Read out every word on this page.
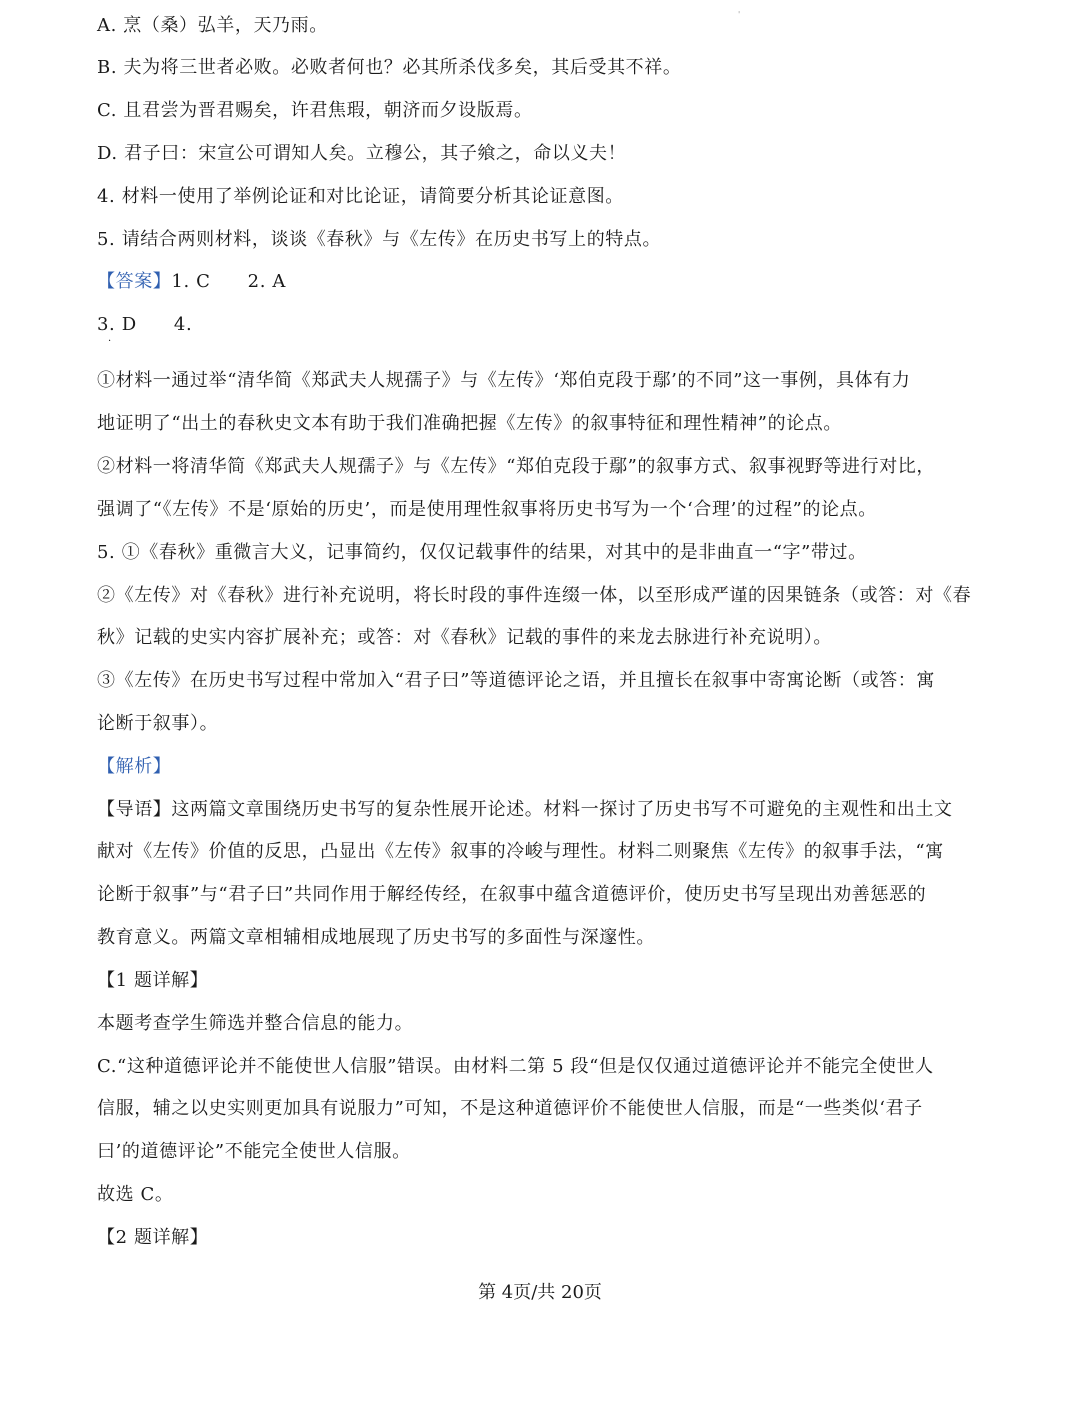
'
A. 烹（桑）弘羊，天乃雨。
B. 夫为将三世者必败。必败者何也？必其所杀伐多矣，其后受其不祥。
C. 且君尝为晋君赐矣，许君焦瑕，朝济而夕设版焉。
D. 君子曰：宋宣公可谓知人矣。立穆公，其子飨之，命以义夫！
4. 材料一使用了举例论证和对比论证，请简要分析其论证意图。
5. 请结合两则材料，谈谈《春秋》与《左传》在历史书写上的特点。
【答案】1. C　　2. A
3. D　　4.
·
①材料一通过举“清华简《郑武夫人规孺子》与《左传》‘郑伯克段于鄢’的不同”这一事例，具体有力
地证明了“出土的春秋史文本有助于我们准确把握《左传》的叙事特征和理性精神”的论点。
②材料一将清华简《郑武夫人规孺子》与《左传》“郑伯克段于鄢”的叙事方式、叙事视野等进行对比，
强调了“《左传》不是‘原始的历史’，而是使用理性叙事将历史书写为一个‘合理’的过程”的论点。
5. ①《春秋》重微言大义，记事简约，仅仅记载事件的结果，对其中的是非曲直一“字”带过。
②《左传》对《春秋》进行补充说明，将长时段的事件连缀一体，以至形成严谨的因果链条（或答：对《春
秋》记载的史实内容扩展补充；或答：对《春秋》记载的事件的来龙去脉进行补充说明）。
③《左传》在历史书写过程中常加入“君子曰”等道德评论之语，并且擅长在叙事中寄寓论断（或答：寓
论断于叙事）。
【解析】
【导语】这两篇文章围绕历史书写的复杂性展开论述。材料一探讨了历史书写不可避免的主观性和出土文
献对《左传》价值的反思，凸显出《左传》叙事的冷峻与理性。材料二则聚焦《左传》的叙事手法，“寓
论断于叙事”与“君子曰”共同作用于解经传经，在叙事中蕴含道德评价，使历史书写呈现出劝善惩恶的
教育意义。两篇文章相辅相成地展现了历史书写的多面性与深邃性。
【1 题详解】
本题考查学生筛选并整合信息的能力。
C.“这种道德评论并不能使世人信服”错误。由材料二第 5 段“但是仅仅通过道德评论并不能完全使世人
信服，辅之以史实则更加具有说服力”可知，不是这种道德评价不能使世人信服，而是“一些类似‘君子
曰’的道德评论”不能完全使世人信服。
故选 C。
【2 题详解】
第 4页/共 20页
